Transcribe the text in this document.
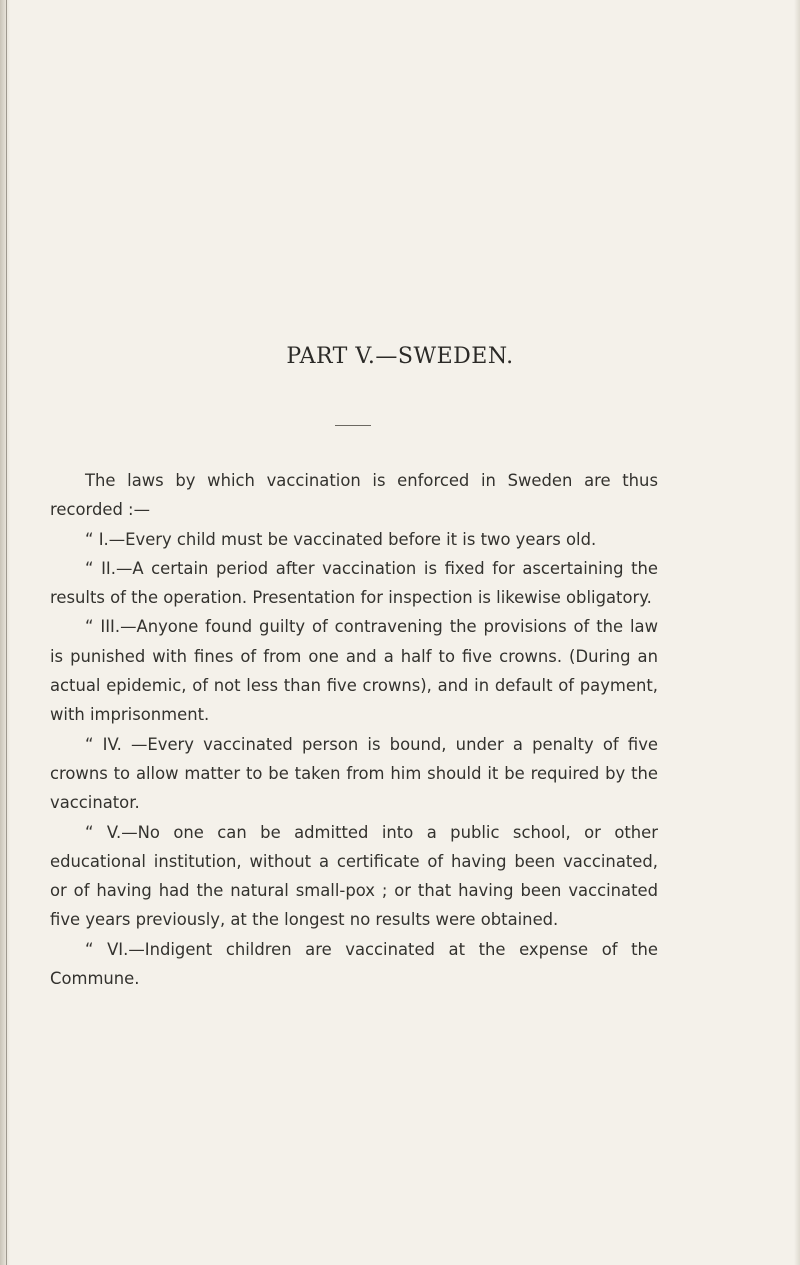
PART V.—SWEDEN.

The laws by which vaccination is enforced in Sweden are thus recorded :—

“ I.—Every child must be vaccinated before it is two years old.

“ II.—A certain period after vaccination is fixed for ascertaining the results of the operation. Presentation for inspection is likewise obligatory.

“ III.—Anyone found guilty of contravening the provisions of the law is punished with fines of from one and a half to five crowns. (During an actual epidemic, of not less than five crowns), and in default of payment, with imprisonment.

“ IV. —Every vaccinated person is bound, under a penalty of five crowns to allow matter to be taken from him should it be required by the vaccinator.

“ V.—No one can be admitted into a public school, or other educational institution, without a certificate of having been vaccinated, or of having had the natural small-pox ; or that having been vaccinated five years previously, at the longest no results were obtained.

“ VI.—Indigent children are vaccinated at the expense of the Commune.
